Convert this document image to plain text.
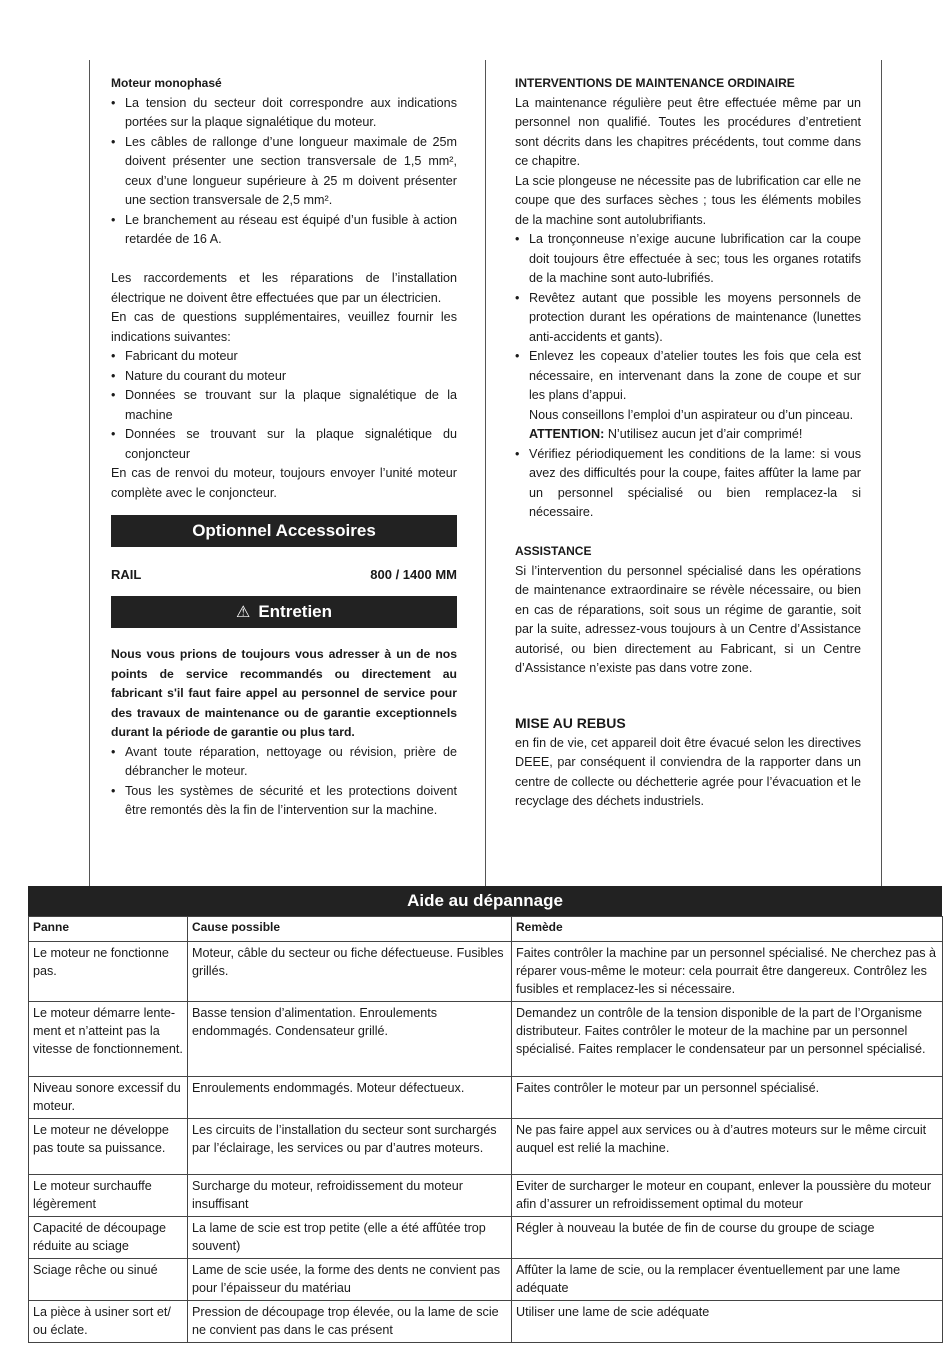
Moteur monophasé

• La tension du secteur doit correspondre aux indications portées sur la plaque signalétique du moteur.
• Les câbles de rallonge d’une longueur maximale de 25m doivent présenter une section transversale de 1,5 mm², ceux d’une longueur supérieure à 25 m doivent présenter une section transversale de 2,5 mm².
• Le branchement au réseau est équipé d’un fusible à action retardée de 16 A.

Les raccordements et les réparations de l’installation électrique ne doivent être effectuées que par un électricien.

En cas de questions supplémentaires, veuillez fournir les indications suivantes:

• Fabricant du moteur
• Nature du courant du moteur
• Données se trouvant sur la plaque signalétique de la machine
• Données se trouvant sur la plaque signalétique du conjoncteur

En cas de renvoi du moteur, toujours envoyer l’unité moteur complète avec le conjoncteur.

Optionnel Accessoires
RAIL	800 / 1400 MM
⚠ Entretien

Nous vous prions de toujours vous adresser à un de nos points de service recommandés ou directement au fabricant s'il faut faire appel au personnel de service pour des travaux de maintenance ou de garantie exceptionnels durant la période de garantie ou plus tard.

• Avant toute réparation, nettoyage ou révision, prière de débrancher le moteur.
• Tous les systèmes de sécurité et les protections doivent être remontés dès la fin de l’intervention sur la machine.

INTERVENTIONS DE MAINTENANCE ORDINAIRE

La maintenance régulière peut être effectuée même par un personnel non qualifié. Toutes les procédures d’entretient sont décrits dans les chapitres précédents, tout comme dans ce chapitre.

La scie plongeuse ne nécessite pas de lubrification car elle ne coupe que des surfaces sèches ; tous les éléments mobiles de la machine sont autolubrifiants.

• La tronçonneuse n’exige aucune lubrification car la coupe doit toujours être effectuée à sec; tous les organes rotatifs de la machine sont auto-lubrifiés.
• Revêtez autant que possible les moyens personnels de protection durant les opérations de maintenance (lunettes anti-accidents et gants).
• Enlevez les copeaux d’atelier toutes les fois que cela est nécessaire, en intervenant dans la zone de coupe et sur les plans d’appui.
Nous conseillons l’emploi d’un aspirateur ou d’un pinceau.
ATTENTION: N’utilisez aucun jet d’air comprimé!
• Vérifiez périodiquement les conditions de la lame: si vous avez des difficultés pour la coupe, faites affûter la lame par un personnel spécialisé ou bien remplacez-la si nécessaire.

ASSISTANCE

Si l’intervention du personnel spécialisé dans les opérations de maintenance extraordinaire se révèle nécessaire, ou bien en cas de réparations, soit sous un régime de garantie, soit par la suite, adressez-vous toujours à un Centre d’Assistance autorisé, ou bien directement au Fabricant, si un Centre d’Assistance n’existe pas dans votre zone.

MISE AU REBUS

en fin de vie, cet appareil doit être évacué selon les directives DEEE, par conséquent il conviendra de la rapporter dans un centre de collecte ou déchetterie agrée pour l’évacuation et le recyclage des déchets industriels.

Aide au dépannage
Panne	Cause possible	Remède
Le moteur ne fonctionne pas.	Moteur, câble du secteur ou fiche défectueuse. Fusibles grillés.	Faites contrôler la machine par un personnel spécialisé. Ne cherchez pas à réparer vous-même le moteur: cela pourrait être dangereux. Contrôlez les fusibles et remplacez-les si nécessaire.
Le moteur démarre lente-ment et n’atteint pas la vitesse de fonctionnement.	Basse tension d’alimentation. Enroulements endommagés. Condensateur grillé.	Demandez un contrôle de la tension disponible de la part de l’Organisme distributeur. Faites contrôler le moteur de la machine par un personnel spécialisé. Faites remplacer le condensateur par un personnel spécialisé.
Niveau sonore excessif du moteur.	Enroulements endommagés. Moteur défectueux.	Faites contrôler le moteur par un personnel spécialisé.
Le moteur ne développe pas toute sa puissance.	Les circuits de l’installation du secteur sont surchargés par l’éclairage, les services ou par d’autres moteurs.	Ne pas faire appel aux services ou à d’autres moteurs sur le même circuit auquel est relié la machine.
Le moteur surchauffe légèrement	Surcharge du moteur, refroidissement du moteur insuffisant	Eviter de surcharger le moteur en coupant, enlever la poussière du moteur afin d’assurer un refroidissement optimal du moteur
Capacité de découpage réduite au sciage	La lame de scie est trop petite (elle a été affûtée trop souvent)	Régler à nouveau la butée de fin de course du groupe de sciage
Sciage rêche ou sinué	Lame de scie usée, la forme des dents ne convient pas pour l’épaisseur du matériau	Affûter la lame de scie, ou la remplacer éventuellement par une lame adéquate
La pièce à usiner sort et/ ou éclate.	Pression de découpage trop élevée, ou la lame de scie ne convient pas dans le cas présent	Utiliser une lame de scie adéquate
